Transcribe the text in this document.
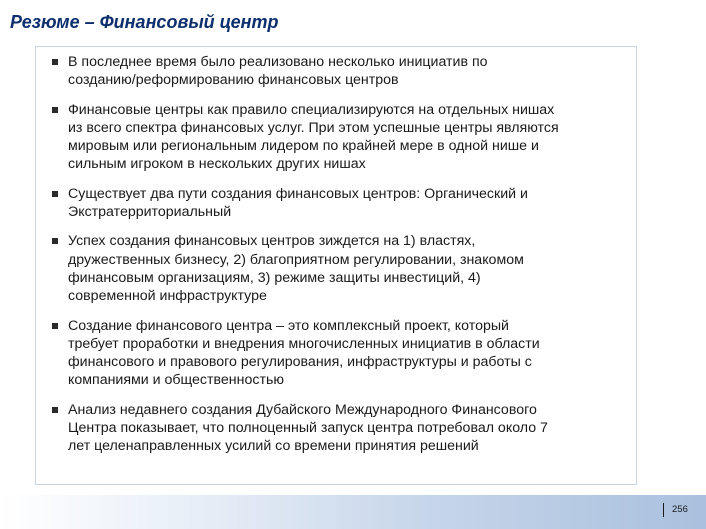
Резюме – Финансовый центр
В последнее время было реализовано несколько инициатив по
созданию/реформированию финансовых центров
Финансовые центры как правило специализируются на отдельных нишах
из всего спектра финансовых услуг. При этом успешные центры являются
мировым или региональным лидером по крайней мере в одной нише и
сильным игроком в нескольких других нишах
Существует два пути создания финансовых центров: Органический и
Экстратерриториальный
Успех создания финансовых центров зиждется на 1) властях,
дружественных бизнесу, 2) благоприятном регулировании, знакомом
финансовым организациям, 3) режиме защиты инвестиций, 4)
современной инфраструктуре
Создание финансового центра – это комплексный проект, который
требует проработки и внедрения многочисленных инициатив в области
финансового и правового регулирования, инфраструктуры и работы с
компаниями и общественностью
Анализ недавнего создания Дубайского Международного Финансового
Центра показывает, что полноценный запуск центра потребовал около 7
лет целенаправленных усилий со времени принятия решений
256
